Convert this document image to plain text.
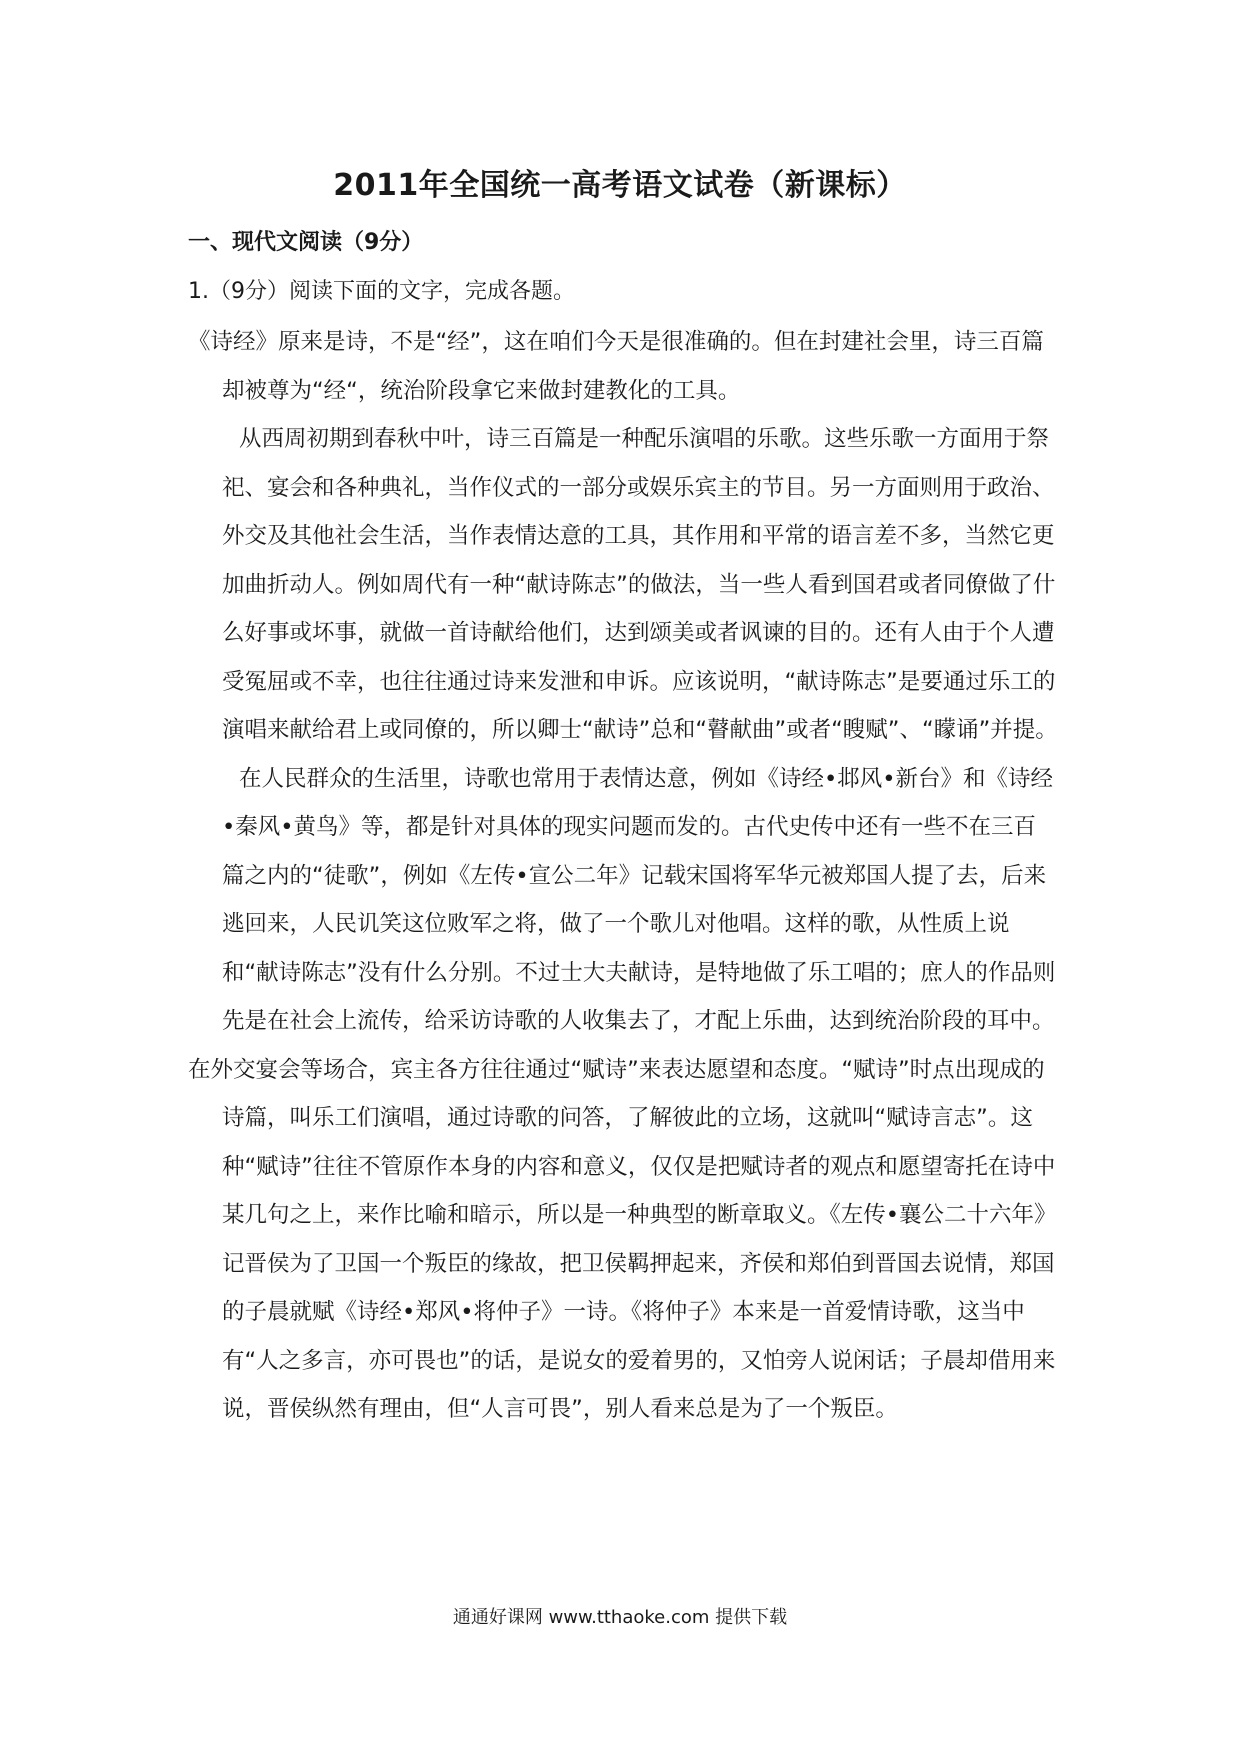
2011年全国统一高考语文试卷（新课标）
一、现代文阅读（9分）
1.（9分）阅读下面的文字，完成各题。

《诗经》原来是诗，不是“经”，这在咱们今天是很准确的。但在封建社会里，诗三百篇却被尊为“经“，统治阶段拿它来做封建教化的工具。

从西周初期到春秋中叶，诗三百篇是一种配乐演唱的乐歌。这些乐歌一方面用于祭祀、宴会和各种典礼，当作仪式的一部分或娱乐宾主的节目。另一方面则用于政治、外交及其他社会生活，当作表情达意的工具，其作用和平常的语言差不多，当然它更加曲折动人。例如周代有一种“献诗陈志”的做法，当一些人看到国君或者同僚做了什么好事或坏事，就做一首诗献给他们，达到颂美或者讽谏的目的。还有人由于个人遭受冤屈或不幸，也往往通过诗来发泄和申诉。应该说明，“献诗陈志”是要通过乐工的演唱来献给君上或同僚的，所以卿士“献诗”总和“瞽献曲”或者“瞍赋”、“矇诵”并提。

在人民群众的生活里，诗歌也常用于表情达意，例如《诗经•邶风•新台》和《诗经•秦风•黄鸟》等，都是针对具体的现实问题而发的。古代史传中还有一些不在三百篇之内的“徒歌”，例如《左传•宣公二年》记载宋国将军华元被郑国人提了去，后来逃回来，人民讥笑这位败军之将，做了一个歌儿对他唱。这样的歌，从性质上说和“献诗陈志”没有什么分别。不过士大夫献诗，是特地做了乐工唱的；庶人的作品则先是在社会上流传，给采访诗歌的人收集去了，才配上乐曲，达到统治阶段的耳中。

在外交宴会等场合，宾主各方往往通过“赋诗”来表达愿望和态度。“赋诗”时点出现成的诗篇，叫乐工们演唱，通过诗歌的问答，了解彼此的立场，这就叫“赋诗言志”。这种“赋诗”往往不管原作本身的内容和意义，仅仅是把赋诗者的观点和愿望寄托在诗中某几句之上，来作比喻和暗示，所以是一种典型的断章取义。《左传•襄公二十六年》记晋侯为了卫国一个叛臣的缘故，把卫侯羁押起来，齐侯和郑伯到晋国去说情，郑国的子晨就赋《诗经•郑风•将仲子》一诗。《将仲子》本来是一首爱情诗歌，这当中有“人之多言，亦可畏也”的话，是说女的爱着男的，又怕旁人说闲话；子晨却借用来说，晋侯纵然有理由，但“人言可畏”，别人看来总是为了一个叛臣。

通通好课网 www.tthaoke.com 提供下载
